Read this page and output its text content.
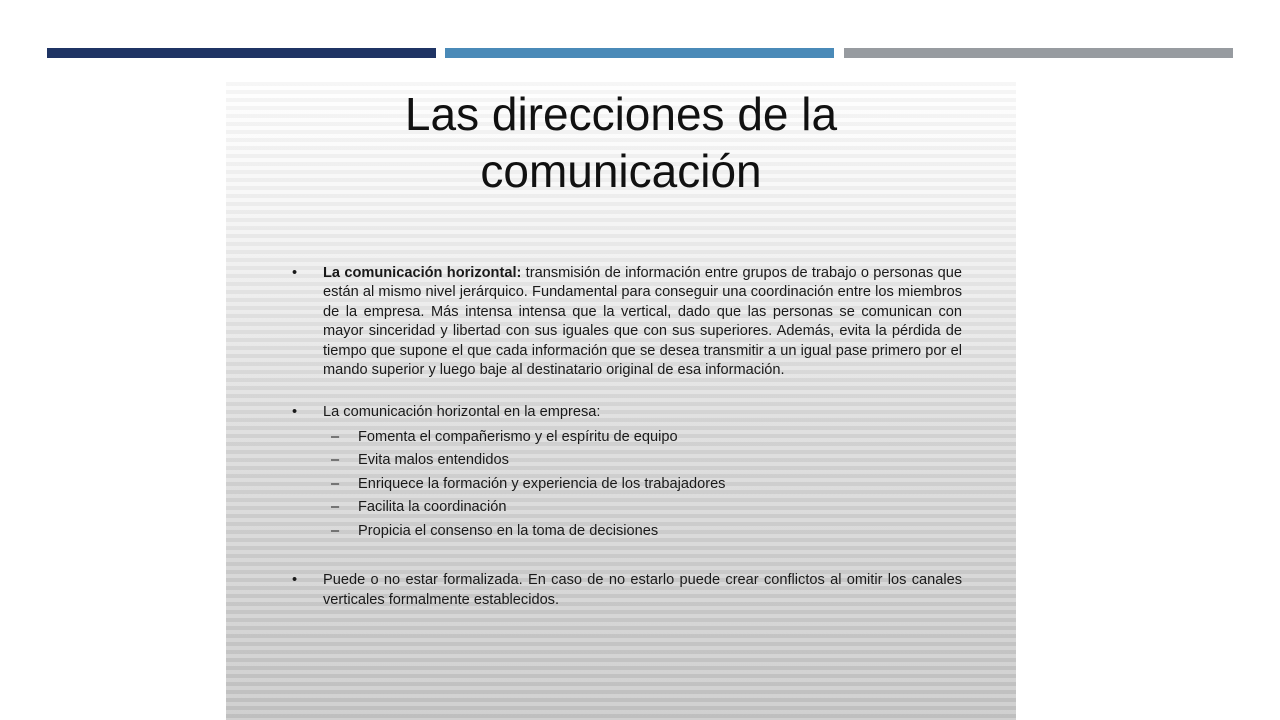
Las direcciones de la
comunicación
•	La comunicación horizontal: transmisión de información entre grupos de trabajo o personas que están al mismo nivel jerárquico. Fundamental para conseguir una coordinación entre los miembros de la empresa. Más intensa intensa que la vertical, dado que las personas se comunican con mayor sinceridad y libertad con sus iguales que con sus superiores. Además, evita la pérdida de tiempo que supone el que cada información que se desea transmitir a un igual pase primero por el mando superior y luego baje al destinatario original de esa información.
•	La comunicación horizontal en la empresa:
– Fomenta el compañerismo y el espíritu de equipo
– Evita malos entendidos
– Enriquece la formación y experiencia de los trabajadores
– Facilita la coordinación
– Propicia el consenso en la toma de decisiones
•	Puede o no estar formalizada. En caso de no estarlo puede crear conflictos al omitir los canales verticales formalmente establecidos.
